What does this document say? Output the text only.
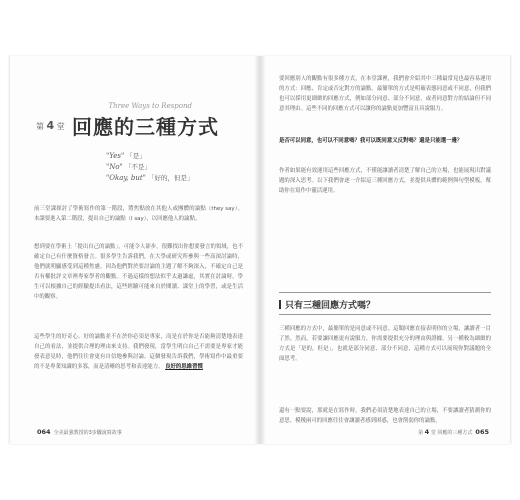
Three Ways to Respond
第 4 堂 回應的三種方式
"Yes" 「是」
"No" 「不是」
"Okay, but" 「好的，但是」
前三堂課探討了學術寫作的第一階段，將焦點放在其他人或團體的論點（they say）。本課要進入第二階段，提出自己的論點（I say），以回應他人的論點。
想到要在學術上「提出自己的論點」，可能令人卻步，很難找出你想要發言的領域，也不確定自己有什麼資格發言。很多學生告訴我們，在大學或研究所參與一些高深討論時，他們就明顯感受到這種焦慮。因為他們對於要討論的主題了解不夠深入，不確定自己是否有權批評文章裡專家學者的觀點。不過這樣的想法似乎太過謙虛，其實在討論時，學生可以根據自己的經驗提出看法，這些經驗可能來自於閱讀、課堂上的學習，或是生活中的觀察。
這些學生的好奇心、好的論點並不在於你必須是專家，而是在於你是否能夠清楚地表達自己的看法，並提供合理的理由來支持。我們發現，當學生明白自己不需要是專家才能發表意見時，他們往往會更有自信地參與討論。這個發現告訴我們，學術寫作中最重要的不是專業知識的多寡，而是清晰的思考和表達能力。 良好的思維習慣
064 全美最強教授的3步驟說寫故事
要回應別人的觀點有很多種方式，在本堂課裡，我們會介紹其中三種最常見也最容易運用的方式：回應、肯定或否定對方的論點。最簡單的方式是明確表態同意或不同意，但我們也可以採用更細緻的回應方式，例如部分同意、部分不同意，或者同意對方的結論但不同意其理由。這些不同的回應方式可以讓你的論點更加豐富且具說服力。
是否可以同意，也可以不同意嗎？我可以既同意又反對嗎？還是只能選一邊？
作者如果能有效運用這些回應方式，不僅能讓讀者清楚了解自己的立場，也能展現出對議題的深入思考。以下我們會逐一介紹這三種回應方式，並提供具體的範例與句型模板，幫助你在寫作中靈活運用。
只有三種回應方式嗎？
三種回應的方式中，最簡單的是同意或不同意。這類回應直接表明你的立場，讓讀者一目了然。然而，若要讓回應更有說服力，你需要提供充分的理由與證據。另一種較為細緻的方式是「是的，但是」，也就是部分同意、部分不同意，這種方式可以展現你對議題的全面思考。
還有一點要說，那就是在寫作時，我們必須清楚地表達自己的立場，不要讓讀者猜測你的意思。模稜兩可的回應往往會讓讀者感到困惑，也會削弱你的論點。
第 4 堂 回應的三種方式 065
